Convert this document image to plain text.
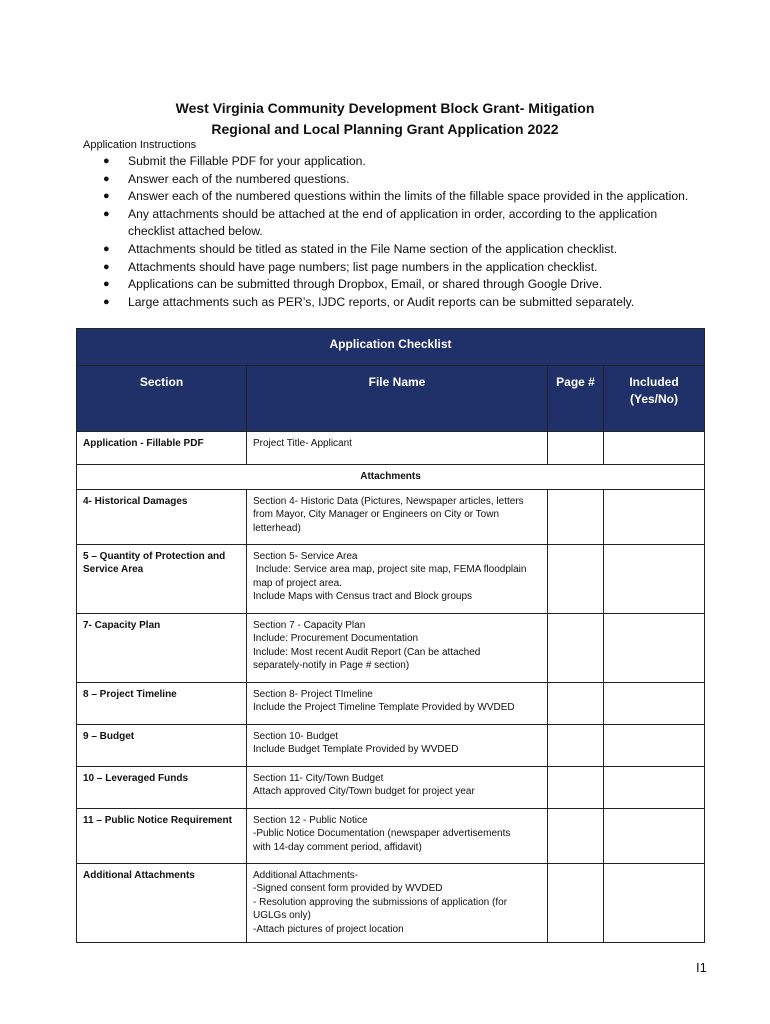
West Virginia Community Development Block Grant- Mitigation
Regional and Local Planning Grant Application 2022
Application Instructions
● Submit the Fillable PDF for your application.
● Answer each of the numbered questions.
● Answer each of the numbered questions within the limits of the fillable space provided in the application.
● Any attachments should be attached at the end of application in order, according to the application checklist attached below.
● Attachments should be titled as stated in the File Name section of the application checklist.
● Attachments should have page numbers; list page numbers in the application checklist.
● Applications can be submitted through Dropbox, Email, or shared through Google Drive.
● Large attachments such as PER’s, IJDC reports, or Audit reports can be submitted separately.
Application Checklist			
Section	File Name	Page #	Included (Yes/No)
Application - Fillable PDF	Project Title- Applicant		
Attachments			
4- Historical Damages	Section 4- Historic Data (Pictures, Newspaper articles, letters
from Mayor, City Manager or Engineers on City or Town
letterhead)		

5 – Quantity of Protection and Service Area	Section 5- Service Area
Include: Service area map, project site map, FEMA floodplain
map of project area.
Include Maps with Census tract and Block groups		

7- Capacity Plan	Section 7 - Capacity Plan
Include: Procurement Documentation
Include: Most recent Audit Report (Can be attached
separately-notify in Page # section)		

8 – Project Timeline	Section 8- Project TImeline
Include the Project Timeline Template Provided by WVDED		

9 – Budget	Section 10- Budget
Include Budget Template Provided by WVDED		

10 – Leveraged Funds	Section 11- City/Town Budget
Attach approved City/Town budget for project year		

11 – Public Notice Requirement	Section 12 - Public Notice
-Public Notice Documentation (newspaper advertisements
with 14-day comment period, affidavit)		

Additional Attachments	Additional Attachments-
-Signed consent form provided by WVDED
- Resolution approving the submissions of application (for
UGLGs only)
-Attach pictures of project location		

I1
